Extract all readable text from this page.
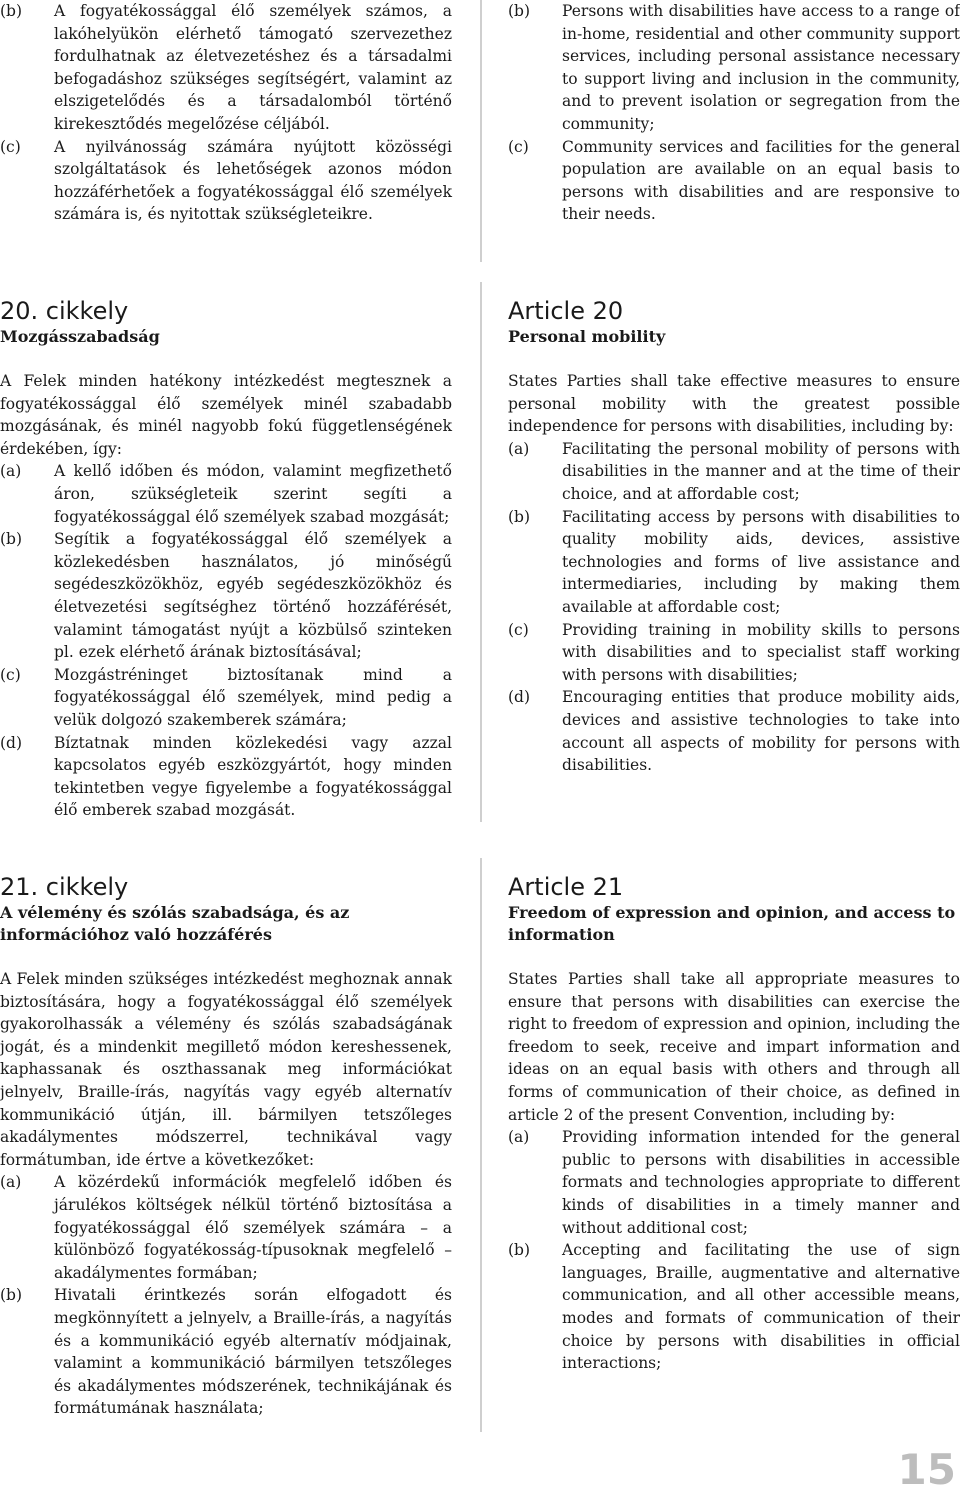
(b)	A fogyatékossággal élő személyek számos, a lakóhelyükön elérhető támogató szervezethez fordulhatnak az életvezetéshez és a társadalmi befogadáshoz szükséges segítségért, valamint az elszigetelődés és a társadalomból történő kirekesztődés megelőzése céljából.
(c)	A nyilvánosság számára nyújtott közösségi szolgáltatások és lehetőségek azonos módon hozzáférhetőek a fogyatékossággal élő személyek számára is, és nyitottak szükségleteikre.
20. cikkely

Mozgásszabadság

A Felek minden hatékony intézkedést megtesznek a fogyatékossággal élő személyek minél szabadabb mozgásának, és minél nagyobb fokú függetlenségének érdekében, így:

(a)	A kellő időben és módon, valamint megfizethető áron, szükségleteik szerint segíti a fogyatékossággal élő személyek szabad mozgását;
(b)	Segítik a fogyatékossággal élő személyek a közlekedésben használatos, jó minőségű segédeszközökhöz, egyéb segédeszközökhöz és életvezetési segítséghez történő hozzáférését, valamint támogatást nyújt a közbülső szinteken pl. ezek elérhető árának biztosításával;
(c)	Mozgástréninget biztosítanak mind a fogyatékossággal élő személyek, mind pedig a velük dolgozó szakemberek számára;
(d)	Bíztatnak minden közlekedési vagy azzal kapcsolatos egyéb eszközgyártót, hogy minden tekintetben vegye figyelembe a fogyatékossággal élő emberek szabad mozgását.
21. cikkely

A vélemény és szólás szabadsága, és az információhoz való hozzáférés

A Felek minden szükséges intézkedést meghoznak annak biztosítására, hogy a fogyatékossággal élő személyek gyakorolhassák a vélemény és szólás szabadságának jogát, és a mindenkit megillető módon kereshessenek, kaphassanak és oszthassanak meg információkat jelnyelv, Braille-írás, nagyítás vagy egyéb alternatív kommunikáció útján, ill. bármilyen tetszőleges akadálymentes módszerrel, technikával vagy formátumban, ide értve a következőket:

(a)	A közérdekű információk megfelelő időben és járulékos költségek nélkül történő biztosítása a fogyatékossággal élő személyek számára – a különböző fogyatékosság-típusoknak megfelelő – akadálymentes formában;
(b)	Hivatali érintkezés során elfogadott és megkönnyített a jelnyelv, a Braille-írás, a nagyítás és a kommunikáció egyéb alternatív módjainak, valamint a kommunikáció bármilyen tetszőleges és akadálymentes módszerének, technikájának és formátumának használata;
(b)	Persons with disabilities have access to a range of in-home, residential and other community support services, including personal assistance necessary to support living and inclusion in the community, and to prevent isolation or segregation from the community;
(c)	Community services and facilities for the general population are available on an equal basis to persons with disabilities and are responsive to their needs.
Article 20

Personal mobility

States Parties shall take effective measures to ensure personal mobility with the greatest possible independence for persons with disabilities, including by:

(a)	Facilitating the personal mobility of persons with disabilities in the manner and at the time of their choice, and at affordable cost;
(b)	Facilitating access by persons with disabilities to quality mobility aids, devices, assistive technologies and forms of live assistance and intermediaries, including by making them available at affordable cost;
(c)	Providing training in mobility skills to persons with disabilities and to specialist staff working with persons with disabilities;
(d)	Encouraging entities that produce mobility aids, devices and assistive technologies to take into account all aspects of mobility for persons with disabilities.
Article 21

Freedom of expression and opinion, and access to information

States Parties shall take all appropriate measures to ensure that persons with disabilities can exercise the right to freedom of expression and opinion, including the freedom to seek, receive and impart information and ideas on an equal basis with others and through all forms of communication of their choice, as defined in article 2 of the present Convention, including by:

(a)	Providing information intended for the general public to persons with disabilities in accessible formats and technologies appropriate to different kinds of disabilities in a timely manner and without additional cost;
(b)	Accepting and facilitating the use of sign languages, Braille, augmentative and alternative communication, and all other accessible means, modes and formats of communication of their choice by persons with disabilities in official interactions;
15
